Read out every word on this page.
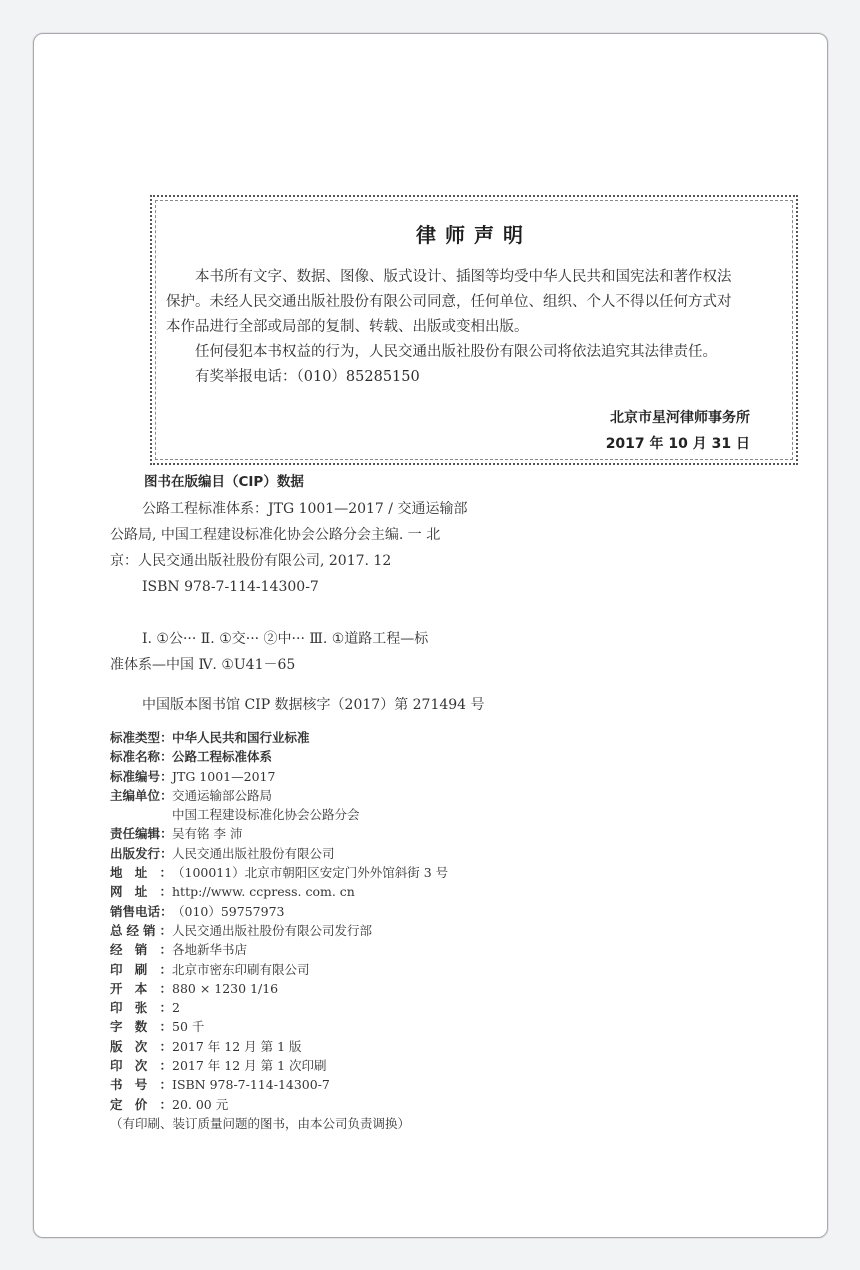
律师声明

本书所有文字、数据、图像、版式设计、插图等均受中华人民共和国宪法和著作权法

保护。未经人民交通出版社股份有限公司同意，任何单位、组织、个人不得以任何方式对

本作品进行全部或局部的复制、转载、出版或变相出版。

任何侵犯本书权益的行为，人民交通出版社股份有限公司将依法追究其法律责任。

有奖举报电话：（010）85285150

北京市星河律师事务所
2017 年 10 月 31 日
图书在版编目（CIP）数据
公路工程标准体系：JTG 1001—2017 / 交通运输部
公路局, 中国工程建设标准化协会公路分会主编. 一 北
京：人民交通出版社股份有限公司, 2017. 12
ISBN 978-7-114-14300-7
Ⅰ. ①公··· Ⅱ. ①交··· ②中··· Ⅲ. ①道路工程—标
准体系—中国 Ⅳ. ①U41－65
中国版本图书馆 CIP 数据核字（2017）第 271494 号
标 准 类 型 ： 中华人民共和国行业标准
标 准 名 称 ： 公路工程标准体系
标 准 编 号 ： JTG 1001—2017
主 编 单 位 ： 交通运输部公路局
中国工程建设标准化协会公路分会
责 任 编 辑 ： 吴有铭 李 沛
出 版 发 行 ： 人民交通出版社股份有限公司
地 址 ： （100011）北京市朝阳区安定门外外馆斜街 3 号
网 址 ： http://www. ccpress. com. cn
销 售 电 话 ： （010）59757973
总 经 销 ： 人民交通出版社股份有限公司发行部
经 销 ： 各地新华书店
印 刷 ： 北京市密东印刷有限公司
开 本 ： 880 × 1230 1/16
印 张 ： 2
字 数 ： 50 千
版 次 ： 2017 年 12 月 第 1 版
印 次 ： 2017 年 12 月 第 1 次印刷
书 号 ： ISBN 978-7-114-14300-7
定 价 ： 20. 00 元
（有印刷、装订质量问题的图书，由本公司负责调换）
